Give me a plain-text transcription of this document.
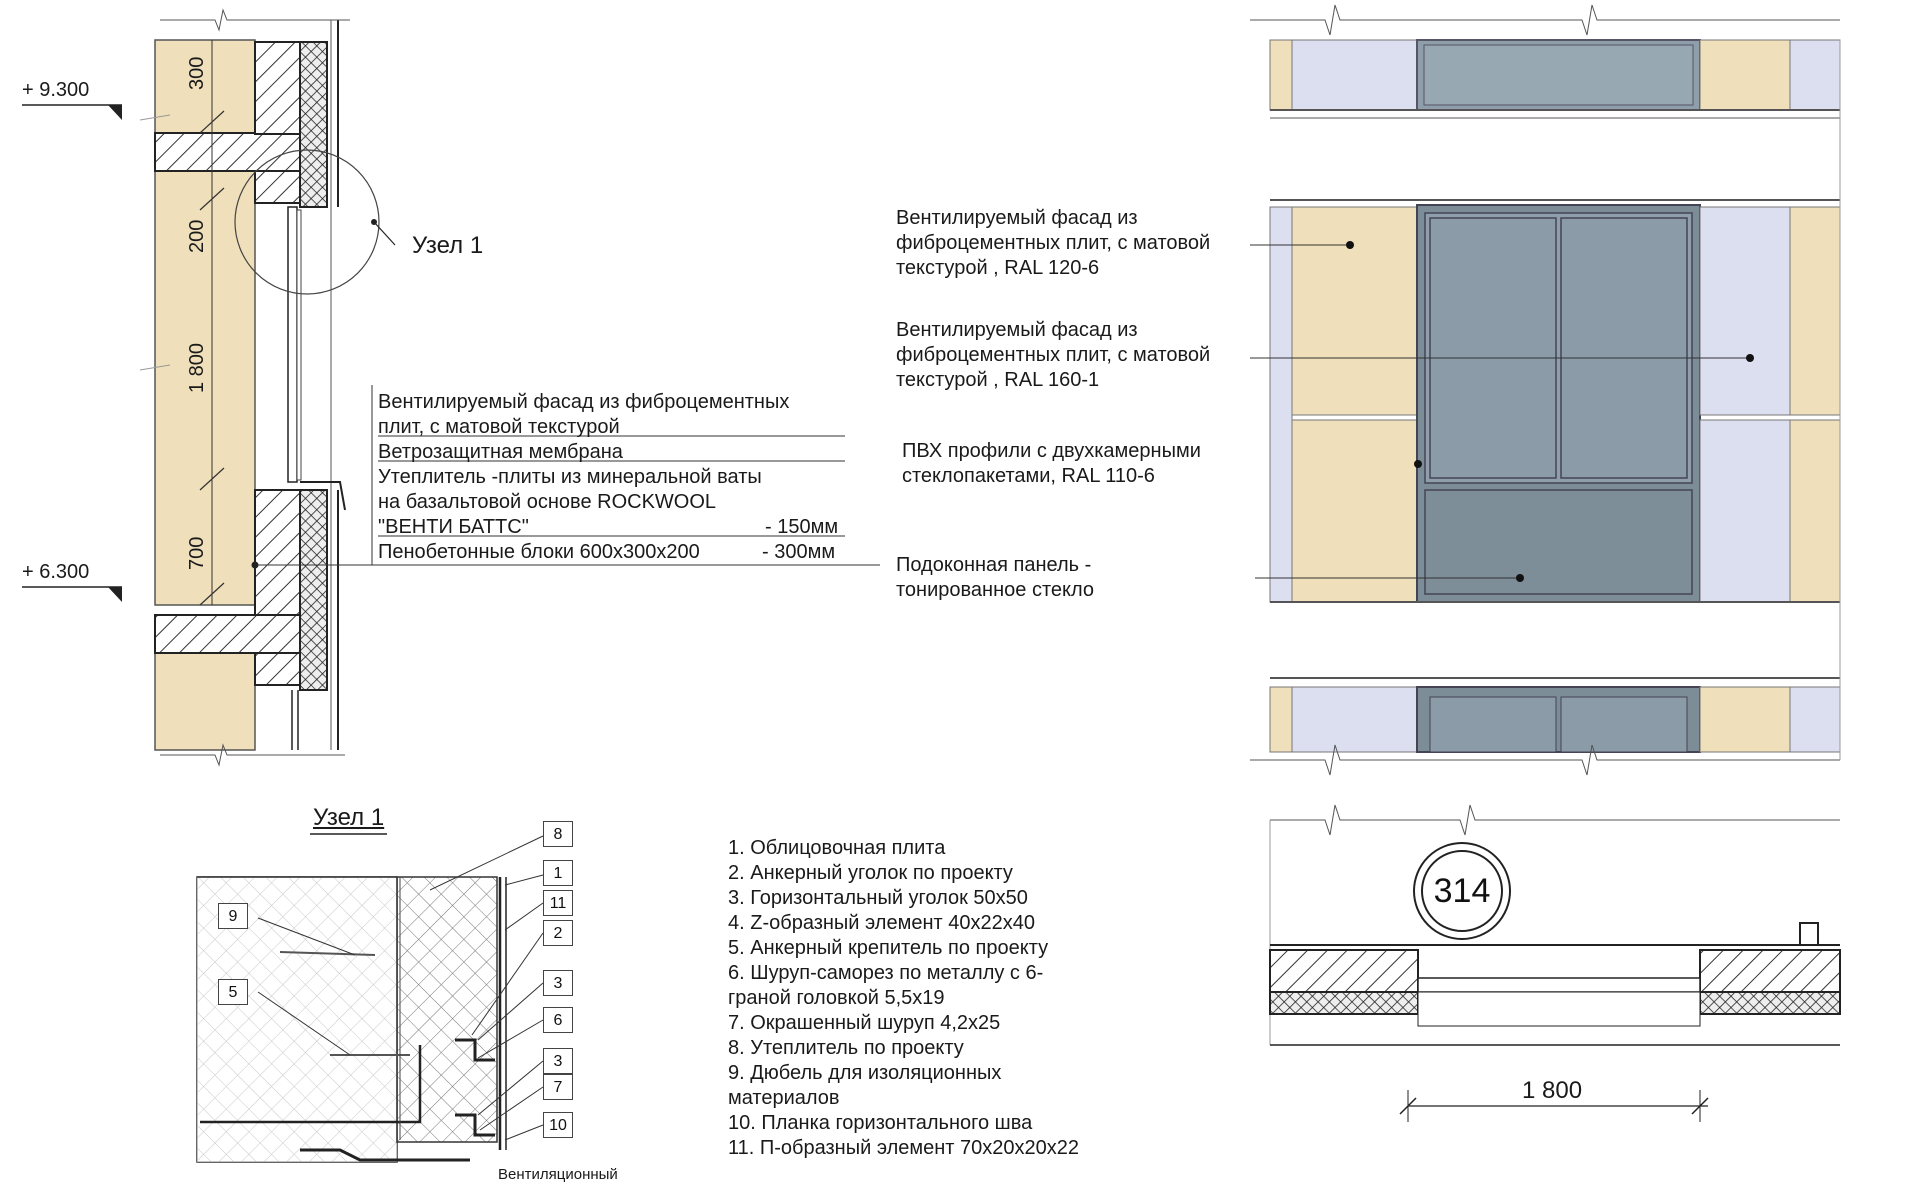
+ 9.300
+ 6.300
300
200
1 800
700
Узел 1
Вентилируемый фасад из фиброцементных
плит, с матовой текстурой
Ветрозащитная мембрана
Утеплитель -плиты из минеральной ваты
на базальтовой основе ROCKWOOL
"ВЕНТИ БАТТС"	- 150мм
Пенобетонные блоки 600х300х200	- 300мм
Вентилируемый фасад из
фиброцементных плит, с матовой
текстурой , RAL 120-6
Вентилируемый фасад из
фиброцементных плит, с матовой
текстурой , RAL 160-1
ПВХ профили с двухкамерными
стеклопакетами, RAL 110-6
Подоконная панель -
тонированное стекло
314
1 800
Узел 1
8
1
11
2
9
5
3
6
3
7
10
Вентиляционный
1. Облицовочная плита
2. Анкерный уголок по проекту
3. Горизонтальный уголок 50х50
4. Z-образный элемент 40х22х40
5. Анкерный крепитель по проекту
6. Шуруп-саморез по металлу с 6-
граной головкой 5,5х19
7. Окрашенный шуруп 4,2х25
8. Утеплитель по проекту
9. Дюбель для изоляционных
материалов
10. Планка горизонтального шва
11. П-образный элемент 70х20х20х22
